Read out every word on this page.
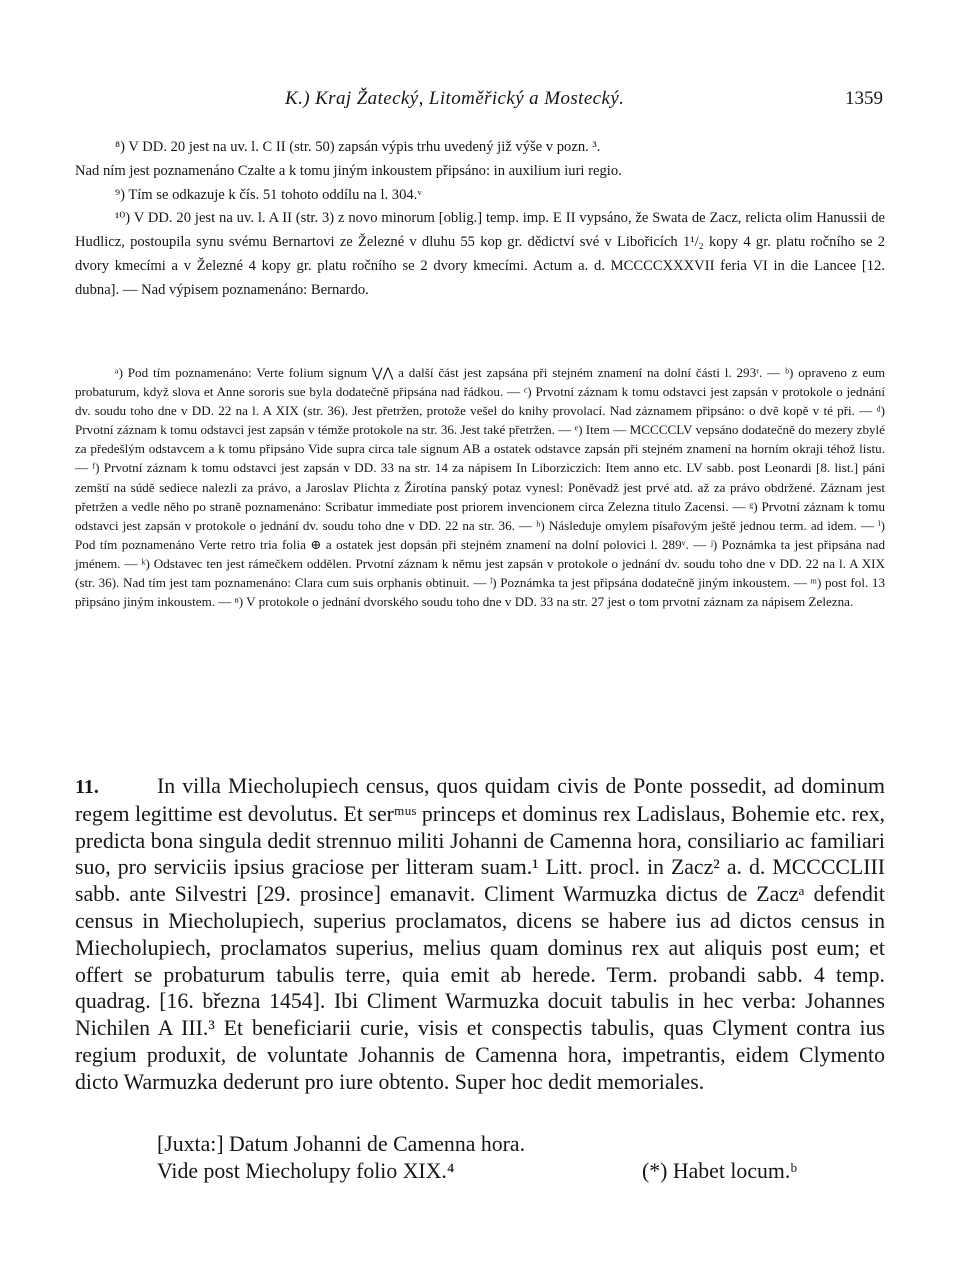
K.) Kraj Žatecký, Litoměřický a Mostecký.	1359

⁸) V DD. 20 jest na uv. l. C II (str. 50) zapsán výpis trhu uvedený již výše v pozn. ³.

Nad ním jest poznamenáno Czalte a k tomu jiným inkoustem připsáno: in auxilium iuri regio.

⁹) Tím se odkazuje k čís. 51 tohoto oddílu na l. 304.ᵛ

¹⁰) V DD. 20 jest na uv. l. A II (str. 3) z novo minorum [oblig.] temp. imp. E II vypsáno, že Swata de Zacz, relicta olim Hanussii de Hudlicz, postoupila synu svému Bernartovi ze Železné v dluhu 55 kop gr. dědictví své v Libořicích 1¹/₂ kopy 4 gr. platu ročního se 2 dvory kmecími a v Železné 4 kopy gr. platu ročního se 2 dvory kmecími. Actum a. d. MCCCCXXXVII feria VI in die Lancee [12. dubna]. — Nad výpisem poznamenáno: Bernardo.

ᵃ) Pod tím poznamenáno: Verte folium signum ⋁⋀ a další část jest zapsána při stejném znamení na dolní části l. 293ʳ. — ᵇ) opraveno z eum probaturum, když slova et Anne sororis sue byla dodatečně připsána nad řádkou. — ᶜ) Prvotní záznam k tomu odstavci jest zapsán v protokole o jednání dv. soudu toho dne v DD. 22 na l. A XIX (str. 36). Jest přetržen, protože vešel do knihy provolací. Nad záznamem připsáno: o dvě kopě v té při. — ᵈ) Prvotní záznam k tomu odstavci jest zapsán v témže protokole na str. 36. Jest také přetržen. — ᵉ) Item — MCCCCLV vepsáno dodatečně do mezery zbylé za předešlým odstavcem a k tomu připsáno Vide supra circa tale signum AB a ostatek odstavce zapsán při stejném znamení na horním okraji téhož listu. — ᶠ) Prvotní záznam k tomu odstavci jest zapsán v DD. 33 na str. 14 za nápisem In Liborziczich: Item anno etc. LV sabb. post Leonardi [8. list.] páni zemští na súdě sediece nalezli za právo, a Jaroslav Plichta z Žirotína panský potaz vynesl: Poněvadž jest prvé atd. až za právo obdržené. Záznam jest přetržen a vedle něho po straně poznamenáno: Scribatur immediate post priorem invencionem circa Zelezna titulo Zacensi. — ᵍ) Prvotní záznam k tomu odstavci jest zapsán v protokole o jednání dv. soudu toho dne v DD. 22 na str. 36. — ʰ) Následuje omylem písařovým ještě jednou term. ad idem. — ⁱ) Pod tím poznamenáno Verte retro tria folia ⊕ a ostatek jest dopsán při stejném znamení na dolní polovici l. 289ᵛ. — ʲ) Poznámka ta jest připsána nad jménem. — ᵏ) Odstavec ten jest rámečkem oddělen. Prvotní záznam k němu jest zapsán v protokole o jednání dv. soudu toho dne v DD. 22 na l. A XIX (str. 36). Nad tím jest tam poznamenáno: Clara cum suis orphanis obtinuit. — ˡ) Poznámka ta jest připsána dodatečně jiným inkoustem. — ᵐ) post fol. 13 připsáno jiným inkoustem. — ⁿ) V protokole o jednání dvorského soudu toho dne v DD. 33 na str. 27 jest o tom prvotní záznam za nápisem Zelezna.

11.	In villa Miecholupiech census, quos quidam civis de Ponte possedit, ad dominum regem legittime est devolutus. Et serᵐᵘˢ princeps et dominus rex Ladislaus, Bohemie etc. rex, predicta bona singula dedit strennuo militi Johanni de Camenna hora, consiliario ac familiari suo, pro serviciis ipsius graciose per litteram suam.¹ Litt. procl. in Zacz² a. d. MCCCCLIII sabb. ante Silvestri [29. prosince] emanavit. Climent Warmuzka dictus de Zaczᵃ defendit census in Miecholupiech, superius proclamatos, dicens se habere ius ad dictos census in Miecholupiech, proclamatos superius, melius quam dominus rex aut aliquis post eum; et offert se probaturum tabulis terre, quia emit ab herede. Term. probandi sabb. 4 temp. quadrag. [16. března 1454]. Ibi Climent Warmuzka docuit tabulis in hec verba: Johannes Nichilen A III.³ Et beneficiarii curie, visis et conspectis tabulis, quas Clyment contra ius regium produxit, de voluntate Johannis de Camenna hora, impetrantis, eidem Clymento dicto Warmuzka dederunt pro iure obtento. Super hoc dedit memoriales.

[Juxta:] Datum Johanni de Camenna hora.
Vide post Miecholupy folio XIX.⁴	(*) Habet locum.ᵇ
